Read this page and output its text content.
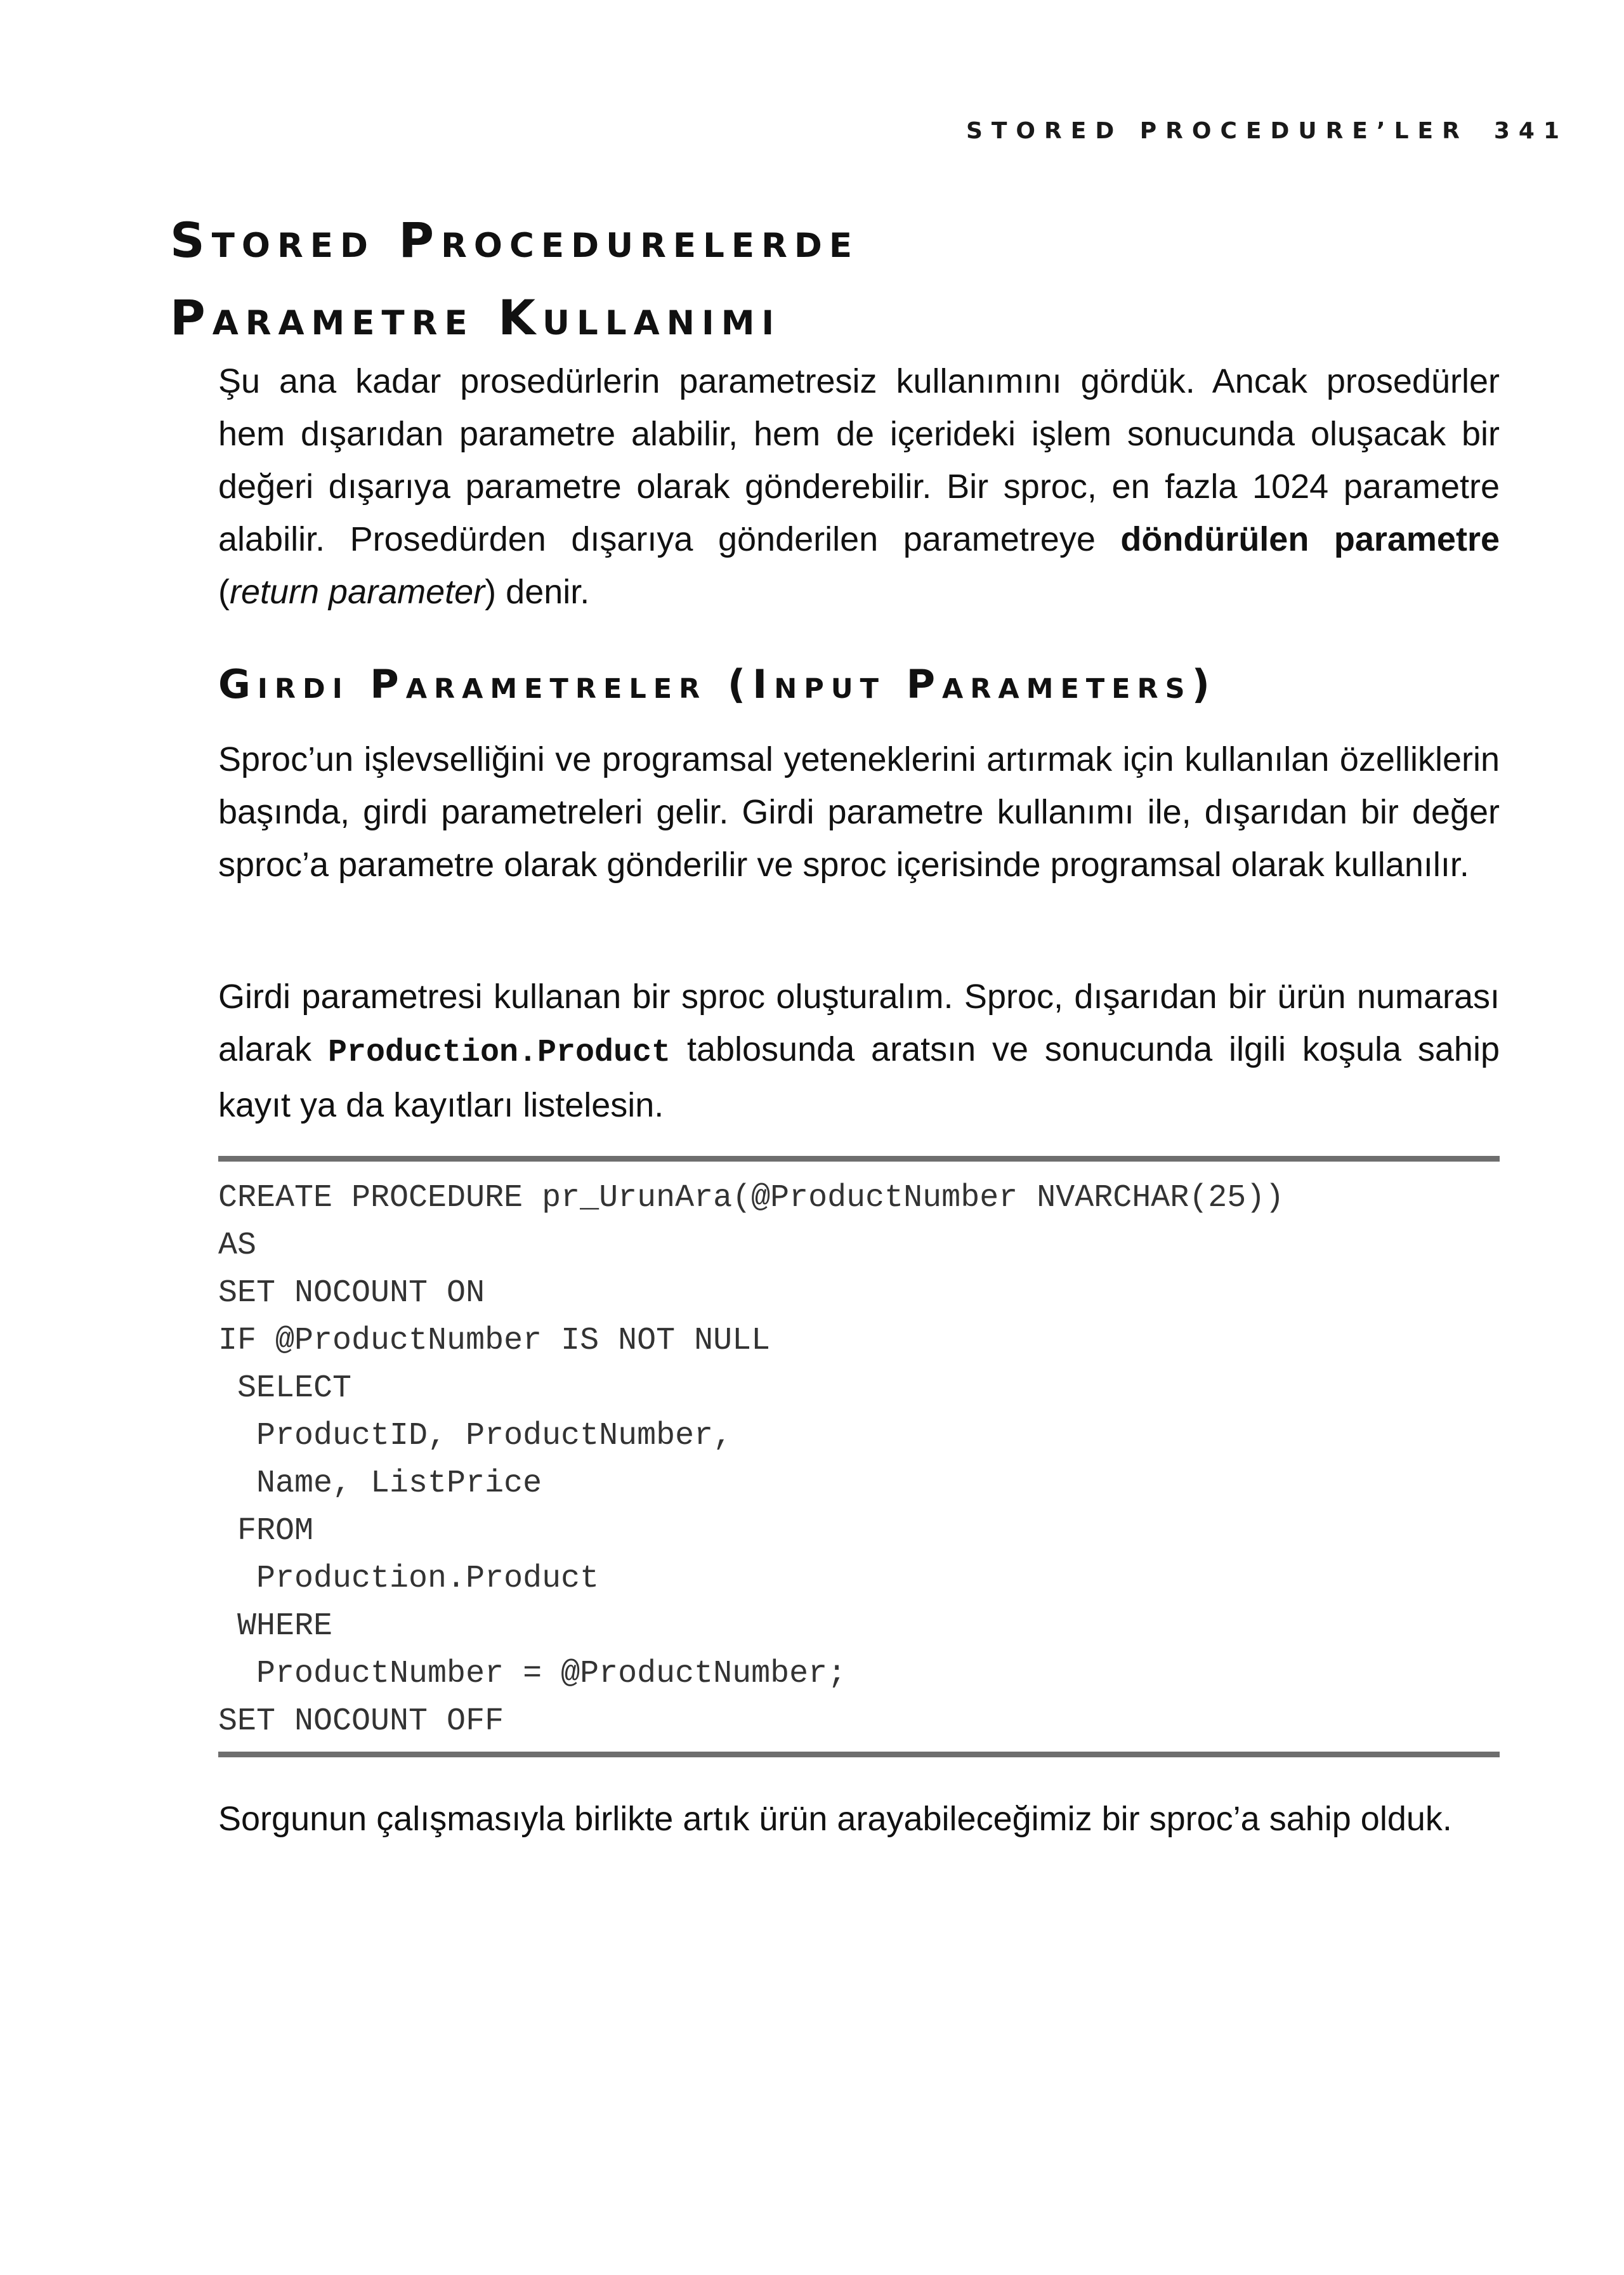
STORED PROCEDURE’LER 341
Stored Procedurelerde
Parametre Kullanımı

Şu ana kadar prosedürlerin parametresiz kullanımını gördük. Ancak prosedürler hem dışarıdan parametre alabilir, hem de içerideki işlem sonucunda oluşacak bir değeri dışarıya parametre olarak gönderebilir. Bir sproc, en fazla 1024 parametre alabilir. Prosedürden dışarıya gönderilen parametreye döndürülen parametre (return parameter) denir.

Girdi Parametreler (Input Parameters)

Sproc’un işlevselliğini ve programsal yeteneklerini artırmak için kullanılan özelliklerin başında, girdi parametreleri gelir. Girdi parametre kullanımı ile, dışarıdan bir değer sproc’a parametre olarak gönderilir ve sproc içerisinde programsal olarak kullanılır.

Girdi parametresi kullanan bir sproc oluşturalım. Sproc, dışarıdan bir ürün numarası alarak Production.Product tablosunda aratsın ve sonucunda ilgili koşula sahip kayıt ya da kayıtları listelesin.

CREATE PROCEDURE pr_UrunAra(@ProductNumber NVARCHAR(25))

AS

SET NOCOUNT ON

IF @ProductNumber IS NOT NULL

SELECT

ProductID, ProductNumber,

Name, ListPrice

FROM

Production.Product

WHERE

ProductNumber = @ProductNumber;

SET NOCOUNT OFF

Sorgunun çalışmasıyla birlikte artık ürün arayabileceğimiz bir sproc’a sahip olduk.
